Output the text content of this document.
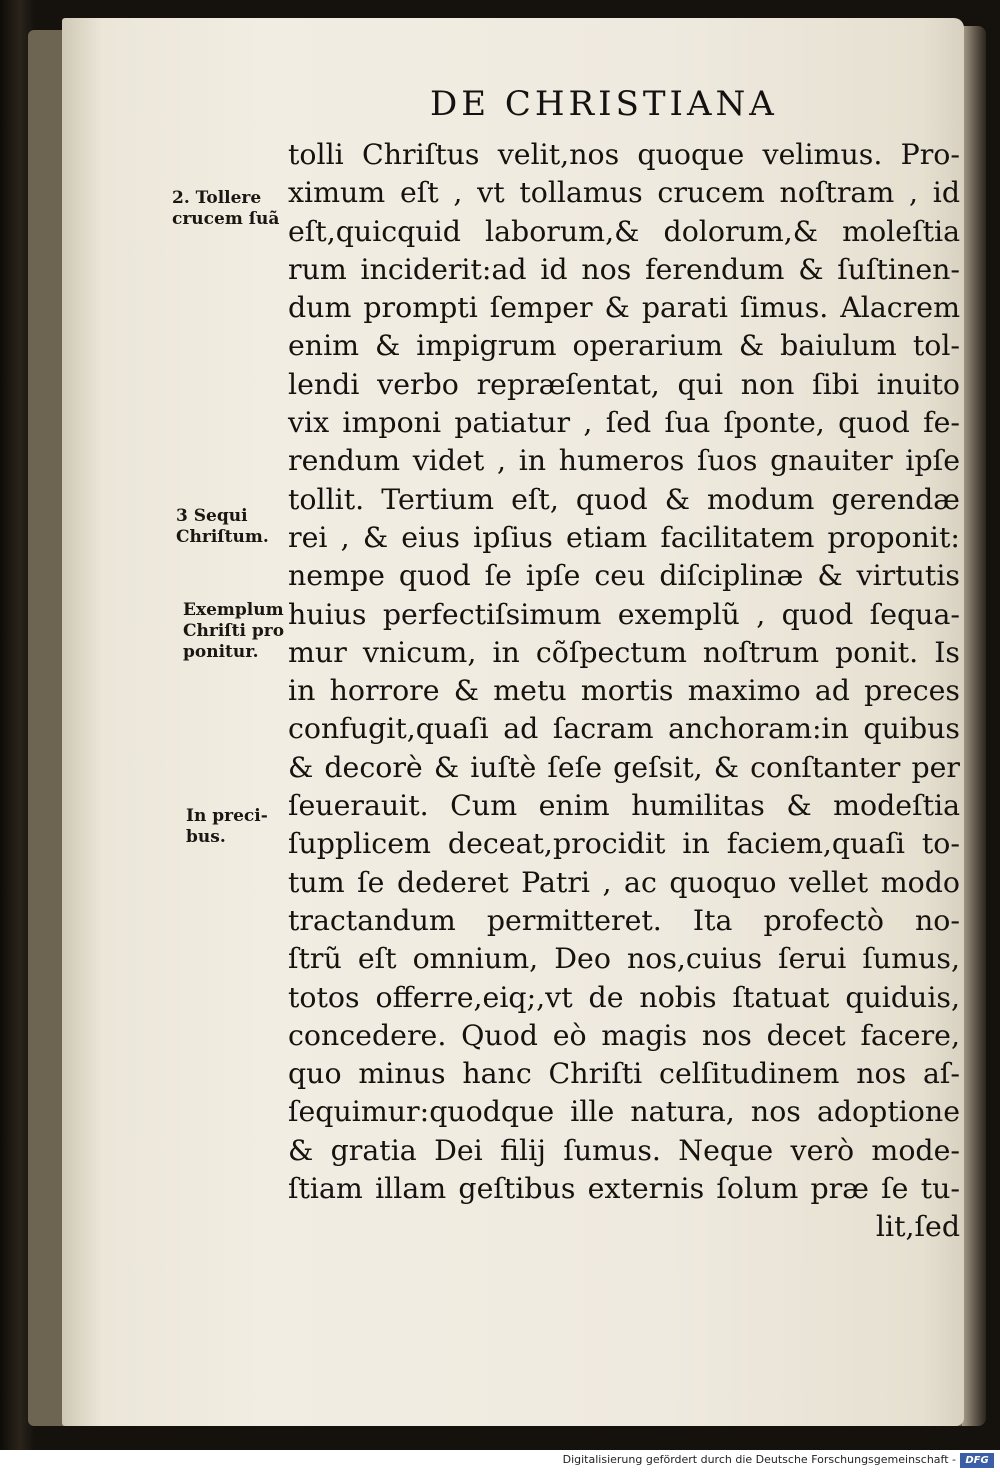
DE CHRISTIANA
tolli Chriſtus velit,nos quoque velimus. Pro-
ximum eſt , vt tollamus crucem noſtram , id
eſt,quicquid laborum,& dolorum,& moleſtia
rum inciderit:ad id nos ferendum & ſuſtinen-
dum prompti ſemper & parati ſimus. Alacrem
enim & impigrum operarium & baiulum tol-
lendi verbo repræſentat, qui non ſibi inuito
vix imponi patiatur , ſed ſua ſponte, quod fe-
rendum videt , in humeros ſuos gnauiter ipſe
tollit. Tertium eſt, quod & modum gerendæ
rei , & eius ipſius etiam facilitatem proponit:
nempe quod ſe ipſe ceu diſciplinæ & virtutis
huius perfectiſsimum exemplũ , quod ſequa-
mur vnicum, in cõſpectum noſtrum ponit. Is
in horrore & metu mortis maximo ad preces
confugit,quaſi ad ſacram anchoram:in quibus
& decorè & iuſtè ſeſe geſsit, & conſtanter per
ſeuerauit. Cum enim humilitas & modeſtia
ſupplicem deceat,procidit in faciem,quaſi to-
tum ſe dederet Patri , ac quoquo vellet modo
tractandum permitteret. Ita profectò no-
ſtrũ eſt omnium, Deo nos,cuius ſerui ſumus,
totos offerre,eiq;,vt de nobis ſtatuat quiduis,
concedere. Quod eò magis nos decet facere,
quo minus hanc Chriſti celſitudinem nos aſ-
ſequimur:quodque ille natura, nos adoptione
& gratia Dei filij ſumus. Neque verò mode-
ſtiam illam geſtibus externis ſolum præ ſe tu-
lit,ſed
2. Tollere
crucem ſuã
3 Sequi
Chriſtum.
Exemplum
Chriſti pro
ponitur.
In preci-
bus.
Digitalisierung gefördert durch die Deutsche Forschungsgemeinschaft - DFG
